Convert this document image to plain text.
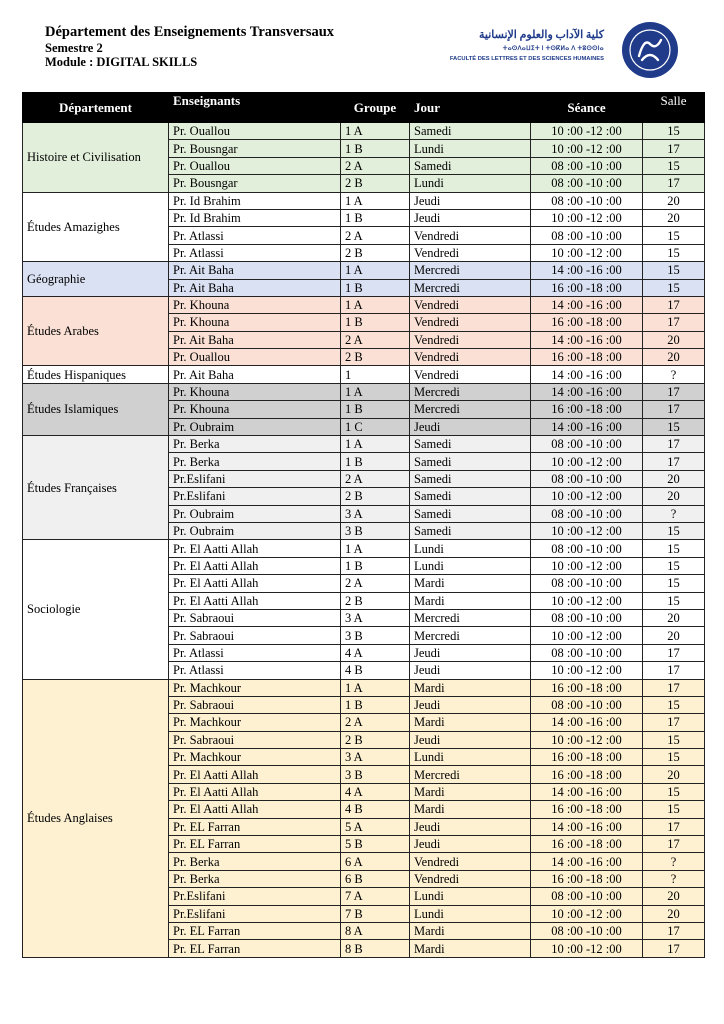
Département des Enseignements Transversaux
Semestre 2
Module : DIGITAL SKILLS
كلية الآداب والعلوم الإنسانية
ⵜⴰⵙⴷⴰⵡⵉⵜ ⵏ ⵜⵙⴽⵍⴰ ⴷ ⵜⵓⵙⵙⵏⴰ
FACULTÉ DES LETTRES ET DES SCIENCES HUMAINES
Département	Enseignants	Groupe	Jour	Séance	Salle
Histoire et Civilisation	Pr. Ouallou	1 A	Samedi	10 :00 -12 :00	15
	Pr. Bousngar	1 B	Lundi	10 :00 -12 :00	17
	Pr. Ouallou	2 A	Samedi	08 :00 -10 :00	15
	Pr. Bousngar	2 B	Lundi	08 :00 -10 :00	17
Études Amazighes	Pr. Id Brahim	1 A	Jeudi	08 :00 -10 :00	20
	Pr. Id Brahim	1 B	Jeudi	10 :00 -12 :00	20
	Pr. Atlassi	2 A	Vendredi	08 :00 -10 :00	15
	Pr. Atlassi	2 B	Vendredi	10 :00 -12 :00	15
Géographie	Pr. Ait Baha	1 A	Mercredi	14 :00 -16 :00	15
	Pr. Ait Baha	1 B	Mercredi	16 :00 -18 :00	15
Études Arabes	Pr. Khouna	1 A	Vendredi	14 :00 -16 :00	17
	Pr. Khouna	1 B	Vendredi	16 :00 -18 :00	17
	Pr. Ait Baha	2 A	Vendredi	14 :00 -16 :00	20
	Pr. Ouallou	2 B	Vendredi	16 :00 -18 :00	20
Études Hispaniques	Pr. Ait Baha	1	Vendredi	14 :00 -16 :00	?
Études Islamiques	Pr. Khouna	1 A	Mercredi	14 :00 -16 :00	17
	Pr. Khouna	1 B	Mercredi	16 :00 -18 :00	17
	Pr. Oubraim	1 C	Jeudi	14 :00 -16 :00	15
Études Françaises	Pr. Berka	1 A	Samedi	08 :00 -10 :00	17
	Pr. Berka	1 B	Samedi	10 :00 -12 :00	17
	Pr.Eslifani	2 A	Samedi	08 :00 -10 :00	20
	Pr.Eslifani	2 B	Samedi	10 :00 -12 :00	20
	Pr. Oubraim	3 A	Samedi	08 :00 -10 :00	?
	Pr. Oubraim	3 B	Samedi	10 :00 -12 :00	15
Sociologie	Pr. El Aatti Allah	1 A	Lundi	08 :00 -10 :00	15
	Pr. El Aatti Allah	1 B	Lundi	10 :00 -12 :00	15
	Pr. El Aatti Allah	2 A	Mardi	08 :00 -10 :00	15
	Pr. El Aatti Allah	2 B	Mardi	10 :00 -12 :00	15
	Pr. Sabraoui	3 A	Mercredi	08 :00 -10 :00	20
	Pr. Sabraoui	3 B	Mercredi	10 :00 -12 :00	20
	Pr. Atlassi	4 A	Jeudi	08 :00 -10 :00	17
	Pr. Atlassi	4 B	Jeudi	10 :00 -12 :00	17
Études Anglaises	Pr. Machkour	1 A	Mardi	16 :00 -18 :00	17
	Pr. Sabraoui	1 B	Jeudi	08 :00 -10 :00	15
	Pr. Machkour	2 A	Mardi	14 :00 -16 :00	17
	Pr. Sabraoui	2 B	Jeudi	10 :00 -12 :00	15
	Pr. Machkour	3 A	Lundi	16 :00 -18 :00	15
	Pr. El Aatti Allah	3 B	Mercredi	16 :00 -18 :00	20
	Pr. El Aatti Allah	4 A	Mardi	14 :00 -16 :00	15
	Pr. El Aatti Allah	4 B	Mardi	16 :00 -18 :00	15
	Pr. EL Farran	5 A	Jeudi	14 :00 -16 :00	17
	Pr. EL Farran	5 B	Jeudi	16 :00 -18 :00	17
	Pr. Berka	6 A	Vendredi	14 :00 -16 :00	?
	Pr. Berka	6 B	Vendredi	16 :00 -18 :00	?
	Pr.Eslifani	7 A	Lundi	08 :00 -10 :00	20
	Pr.Eslifani	7 B	Lundi	10 :00 -12 :00	20
	Pr. EL Farran	8 A	Mardi	08 :00 -10 :00	17
	Pr. EL Farran	8 B	Mardi	10 :00 -12 :00	17
